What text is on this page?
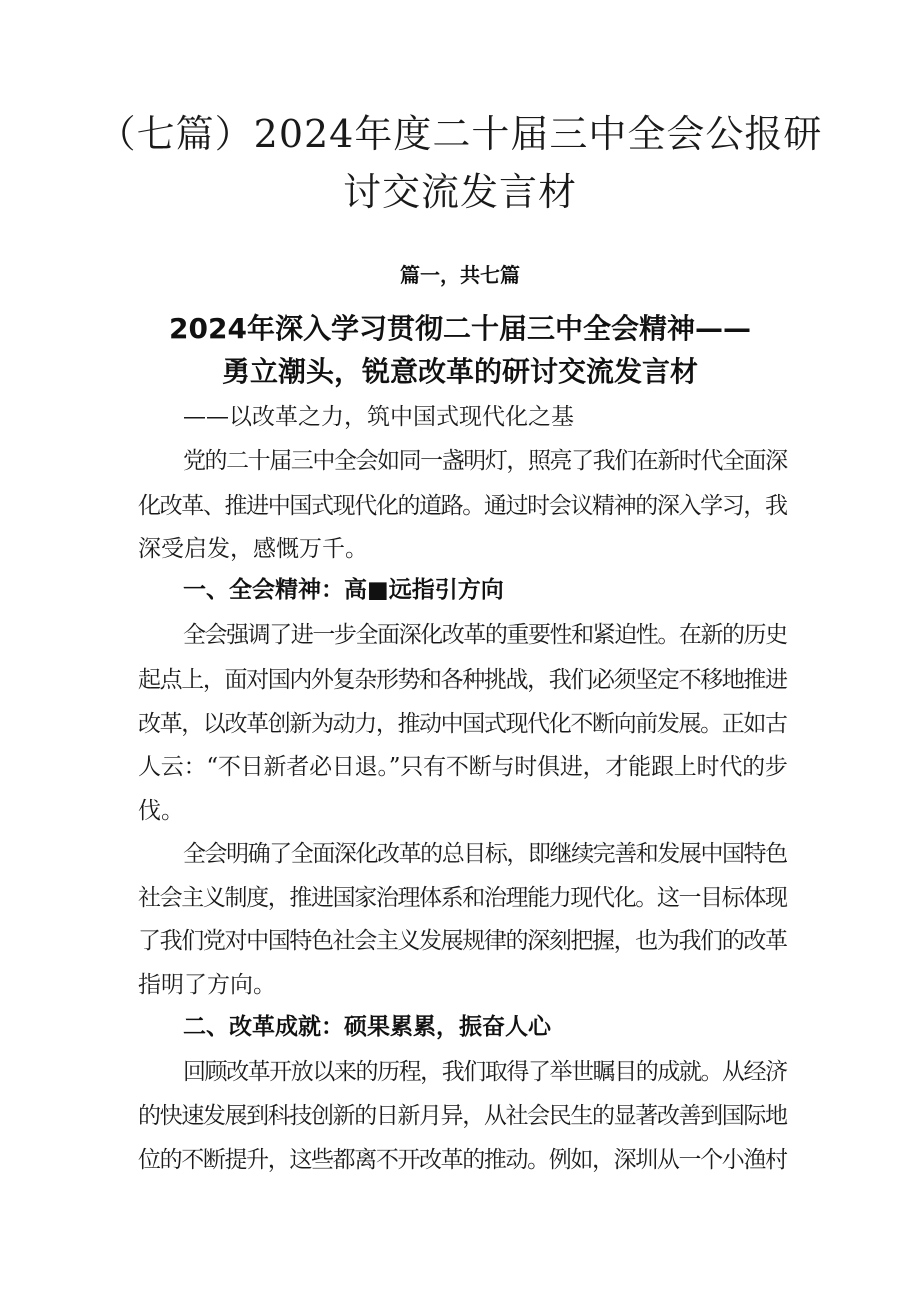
（七篇）2024年度二十届三中全会公报研
讨交流发言材
篇一，共七篇
2024年深入学习贯彻二十届三中全会精神——
勇立潮头，锐意改革的研讨交流发言材
——以改革之力，筑中国式现代化之基
党的二十届三中全会如同一盏明灯，照亮了我们在新时代全面深
化改革、推进中国式现代化的道路。通过时会议精神的深入学习，我
深受启发，感慨万千。
一、全会精神：高■远指引方向
全会强调了进一步全面深化改革的重要性和紧迫性。在新的历史
起点上，面对国内外复杂形势和各种挑战，我们必须坚定不移地推进
改革，以改革创新为动力，推动中国式现代化不断向前发展。正如古
人云：“不日新者必日退。”只有不断与时俱进，才能跟上时代的步
伐。
全会明确了全面深化改革的总目标，即继续完善和发展中国特色
社会主义制度，推进国家治理体系和治理能力现代化。这一目标体现
了我们党对中国特色社会主义发展规律的深刻把握，也为我们的改革
指明了方向。
二、改革成就：硕果累累，振奋人心
回顾改革开放以来的历程，我们取得了举世瞩目的成就。从经济
的快速发展到科技创新的日新月异，从社会民生的显著改善到国际地
位的不断提升，这些都离不开改革的推动。例如，深圳从一个小渔村
